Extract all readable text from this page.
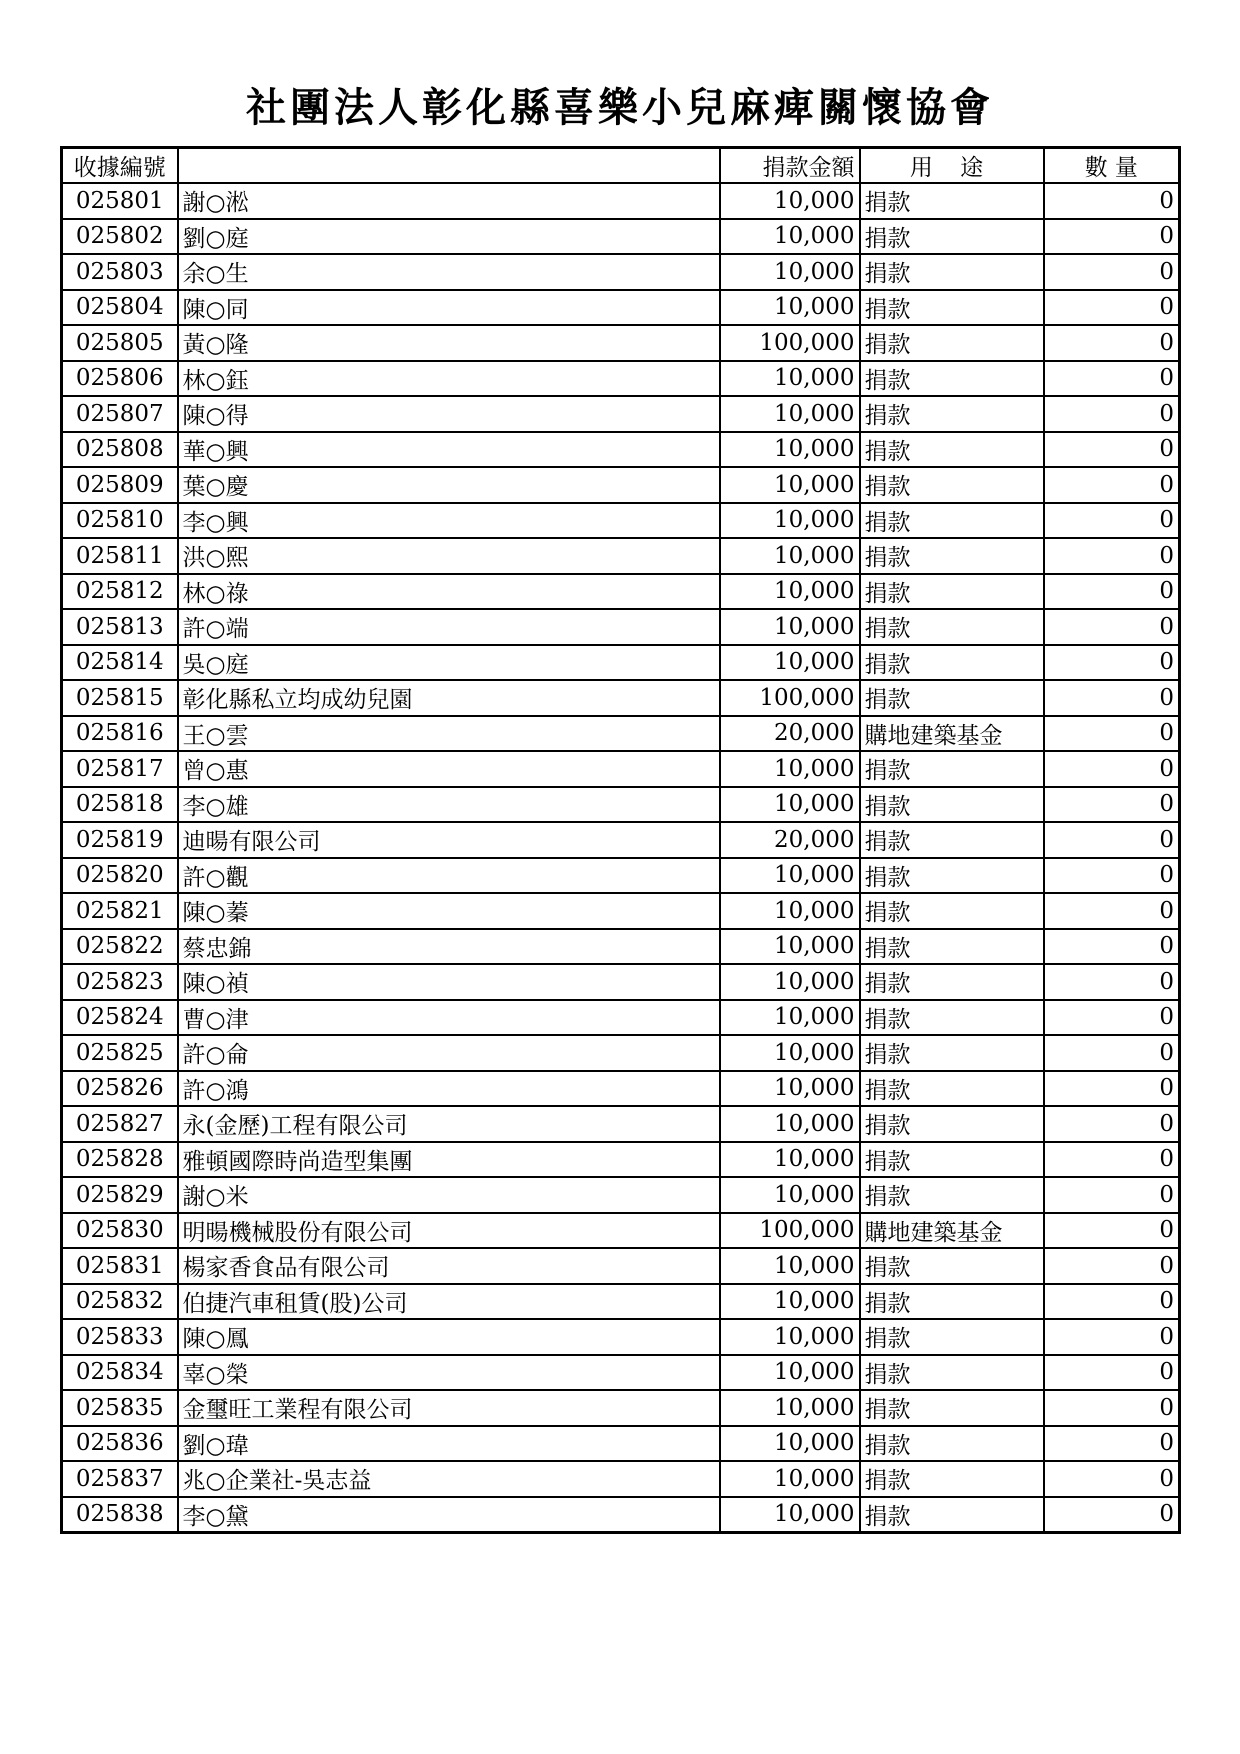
社團法人彰化縣喜樂小兒麻痺關懷協會
收據編號		捐款金額	用 途	數 量
025801	謝○淞	10,000	捐款	0
025802	劉○庭	10,000	捐款	0
025803	余○生	10,000	捐款	0
025804	陳○同	10,000	捐款	0
025805	黃○隆	100,000	捐款	0
025806	林○鈺	10,000	捐款	0
025807	陳○得	10,000	捐款	0
025808	華○興	10,000	捐款	0
025809	葉○慶	10,000	捐款	0
025810	李○興	10,000	捐款	0
025811	洪○熙	10,000	捐款	0
025812	林○祿	10,000	捐款	0
025813	許○端	10,000	捐款	0
025814	吳○庭	10,000	捐款	0
025815	彰化縣私立均成幼兒園	100,000	捐款	0
025816	王○雲	20,000	購地建築基金	0
025817	曾○惠	10,000	捐款	0
025818	李○雄	10,000	捐款	0
025819	迪暘有限公司	20,000	捐款	0
025820	許○觀	10,000	捐款	0
025821	陳○蓁	10,000	捐款	0
025822	蔡忠錦	10,000	捐款	0
025823	陳○禎	10,000	捐款	0
025824	曹○津	10,000	捐款	0
025825	許○侖	10,000	捐款	0
025826	許○鴻	10,000	捐款	0
025827	永(金歷)工程有限公司	10,000	捐款	0
025828	雅頓國際時尚造型集團	10,000	捐款	0
025829	謝○米	10,000	捐款	0
025830	明暘機械股份有限公司	100,000	購地建築基金	0
025831	楊家香食品有限公司	10,000	捐款	0
025832	伯捷汽車租賃(股)公司	10,000	捐款	0
025833	陳○鳳	10,000	捐款	0
025834	辜○榮	10,000	捐款	0
025835	金璽旺工業程有限公司	10,000	捐款	0
025836	劉○瑋	10,000	捐款	0
025837	兆○企業社-吳志益	10,000	捐款	0
025838	李○黛	10,000	捐款	0
